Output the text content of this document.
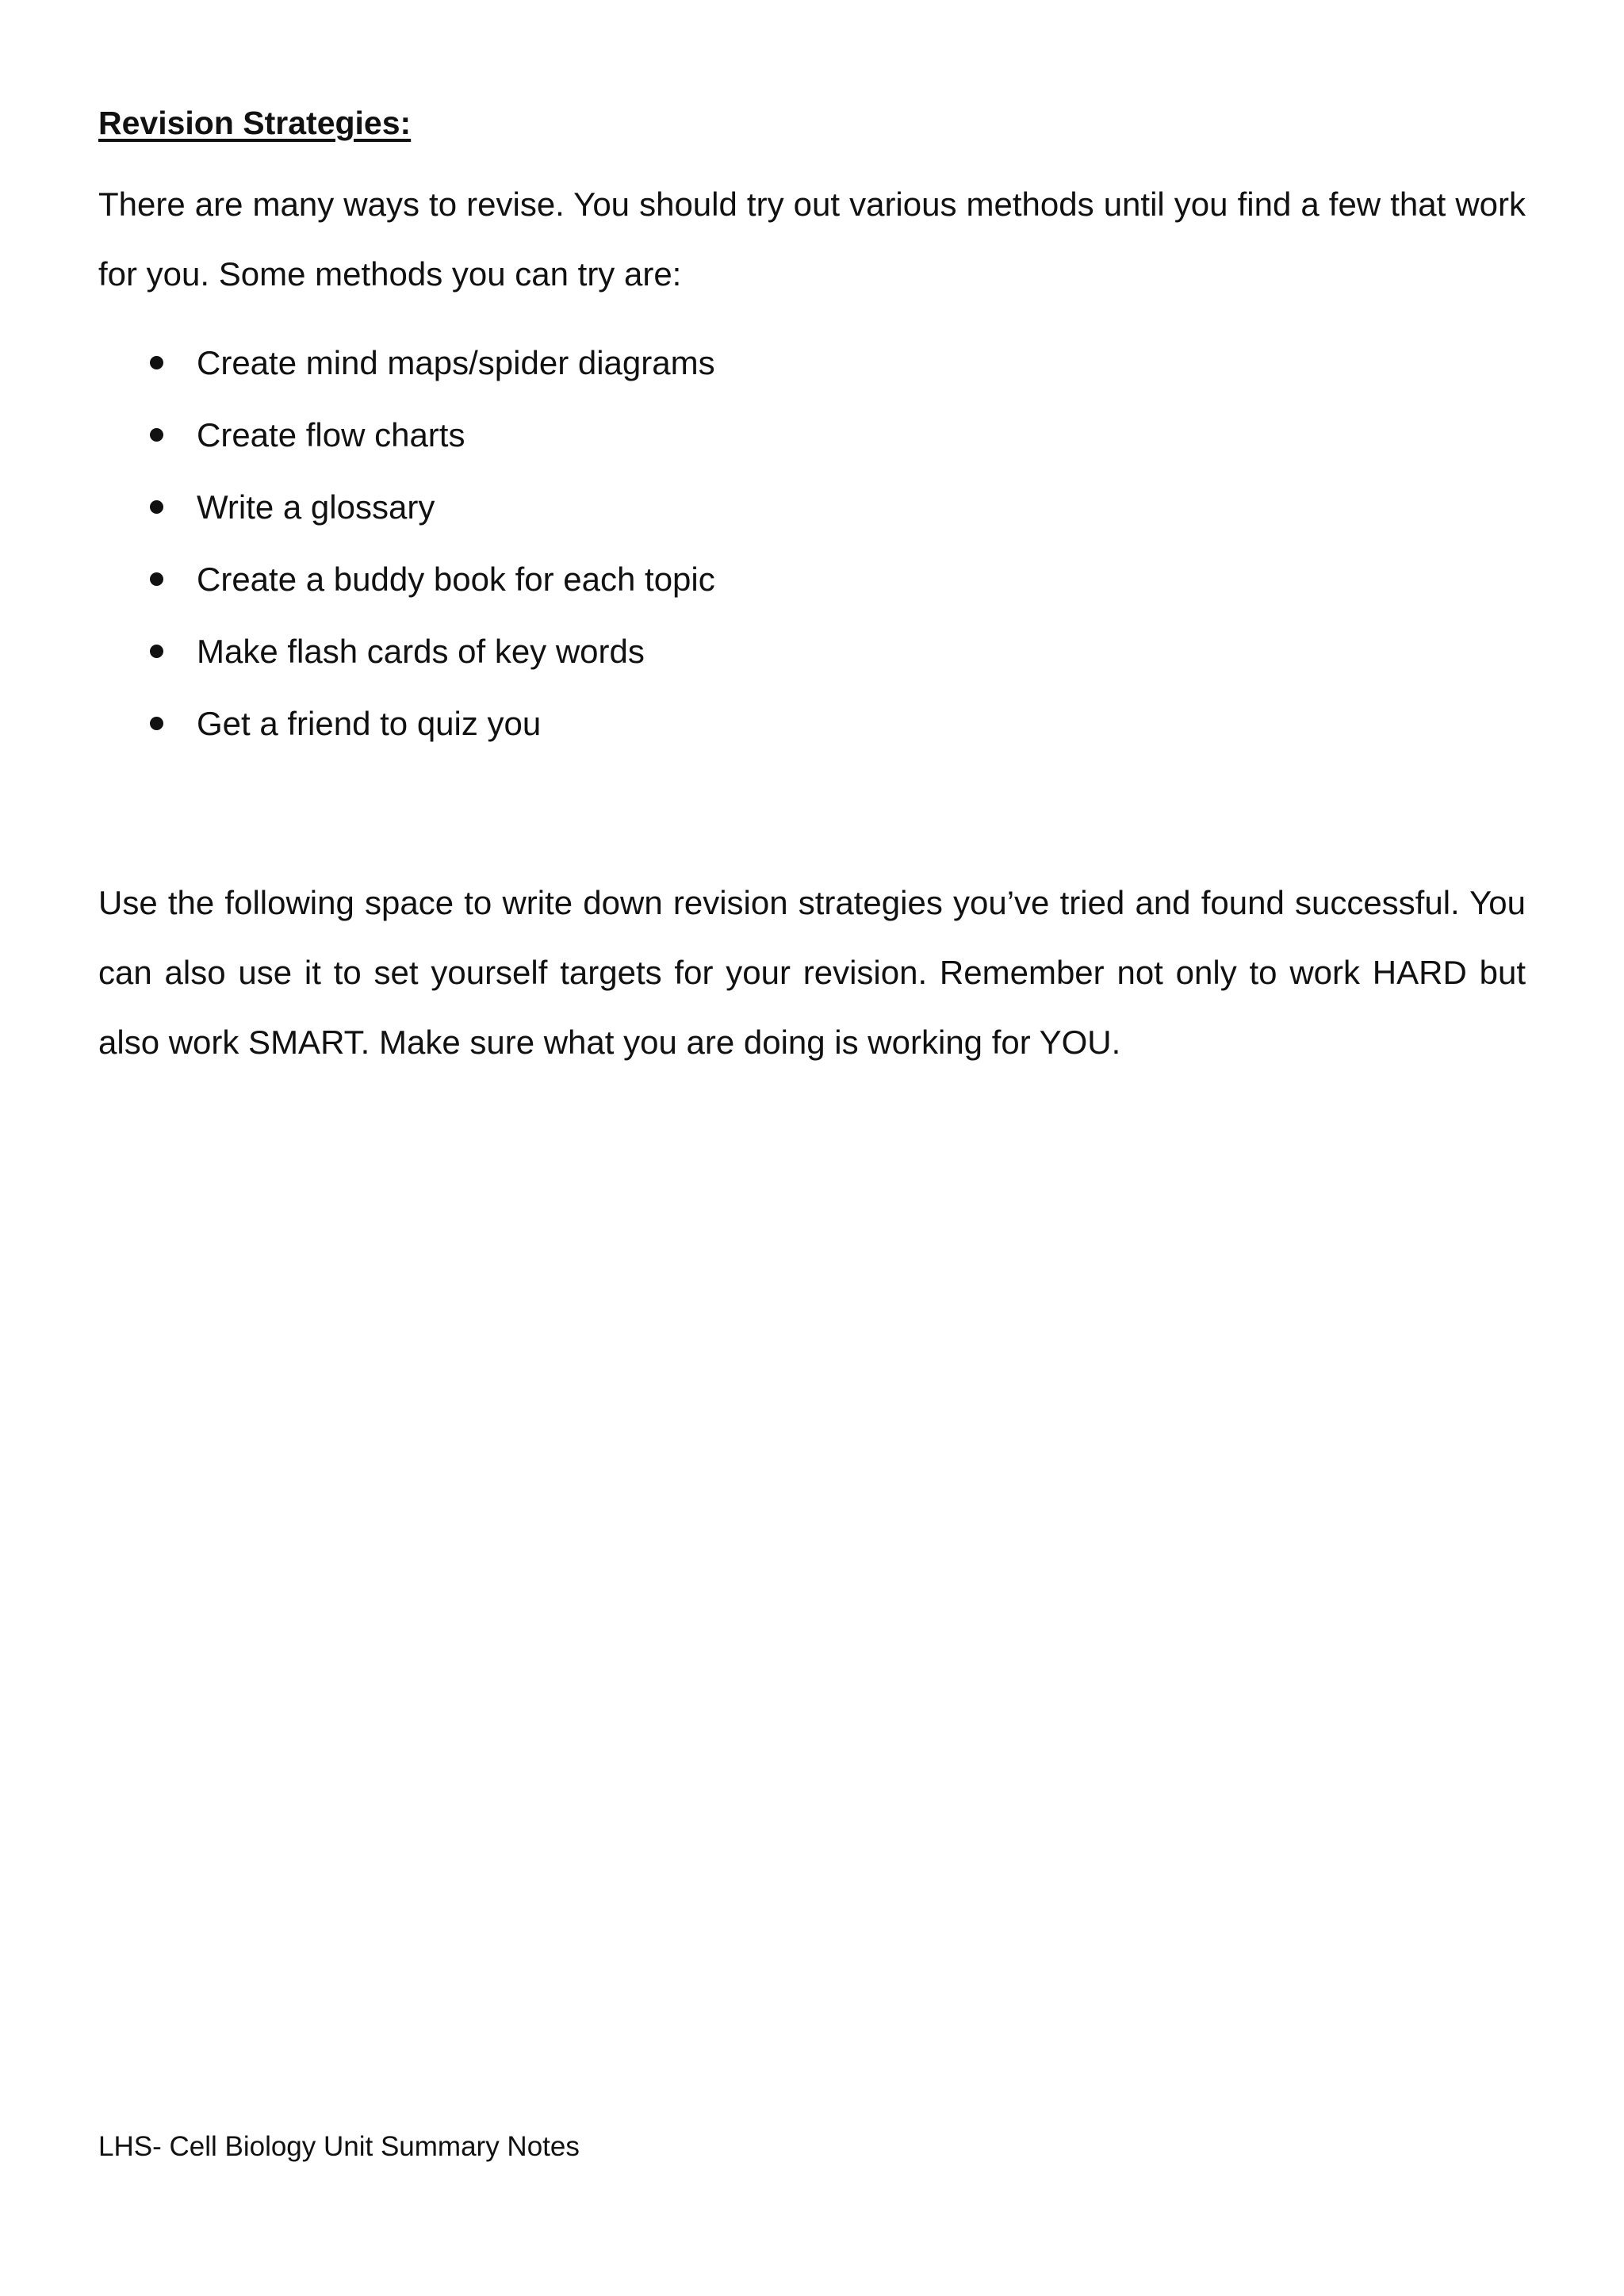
Revision Strategies:

There are many ways to revise. You should try out various methods until you find a few that work for you. Some methods you can try are:

Create mind maps/spider diagrams
Create flow charts
Write a glossary
Create a buddy book for each topic
Make flash cards of key words
Get a friend to quiz you

Use the following space to write down revision strategies you’ve tried and found successful. You can also use it to set yourself targets for your revision. Remember not only to work HARD but also work SMART. Make sure what you are doing is working for YOU.

LHS- Cell Biology Unit Summary Notes
